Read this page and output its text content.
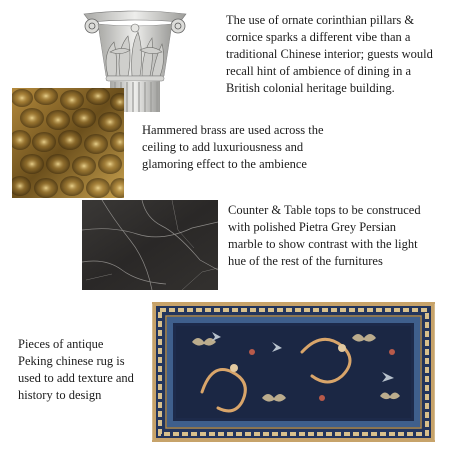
The use of ornate corinthian pillars & cornice sparks a different vibe than a traditional Chinese interior; guests would recall hint of ambience of dining in a British colonial heritage building.

Hammered brass are used across the
ceiling to add luxuriousness and
glamoring effect to the ambience

Counter & Table tops to be construced
with polished Pietra Grey Persian
marble to show contrast with the light
hue of the rest of the furnitures

Pieces of antique
Peking chinese rug is
used to add texture and
history to design
